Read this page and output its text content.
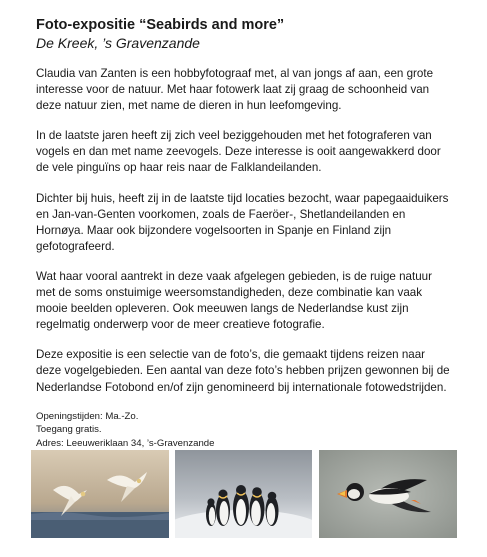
Foto-expositie “Seabirds and more”

De Kreek, ’s Gravenzande

Claudia van Zanten is een hobbyfotograaf met, al van jongs af aan, een grote interesse voor de natuur. Met haar fotowerk laat zij graag de schoonheid van deze natuur zien, met name de dieren in hun leefomgeving.

In de laatste jaren heeft zij zich veel beziggehouden met het fotograferen van vogels en dan met name zeevogels. Deze interesse is ooit aangewakkerd door de vele pinguïns op haar reis naar de Falklandeilanden.

Dichter bij huis, heeft zij in de laatste tijd locaties bezocht, waar papegaaiduikers en Jan-van-Genten voorkomen, zoals de Faeröer-, Shetlandeilanden en Hornøya. Maar ook bijzondere vogelsoorten in Spanje en Finland zijn gefotografeerd.

Wat haar vooral aantrekt in deze vaak afgelegen gebieden, is de ruige natuur met de soms onstuimige weersomstandigheden, deze combinatie kan vaak mooie beelden opleveren. Ook meeuwen langs de Nederlandse kust zijn regelmatig onderwerp voor de meer creatieve fotografie.

Deze expositie is een selectie van de foto’s, die gemaakt tijdens reizen naar deze vogelgebieden. Een aantal van deze foto’s hebben prijzen gewonnen bij de Nederlandse Fotobond en/of zijn genomineerd bij internationale fotowedstrijden.

Openingstijden: Ma.-Zo.

Toegang gratis.

Adres: Leeuweriklaan 34, ’s-Gravenzande
